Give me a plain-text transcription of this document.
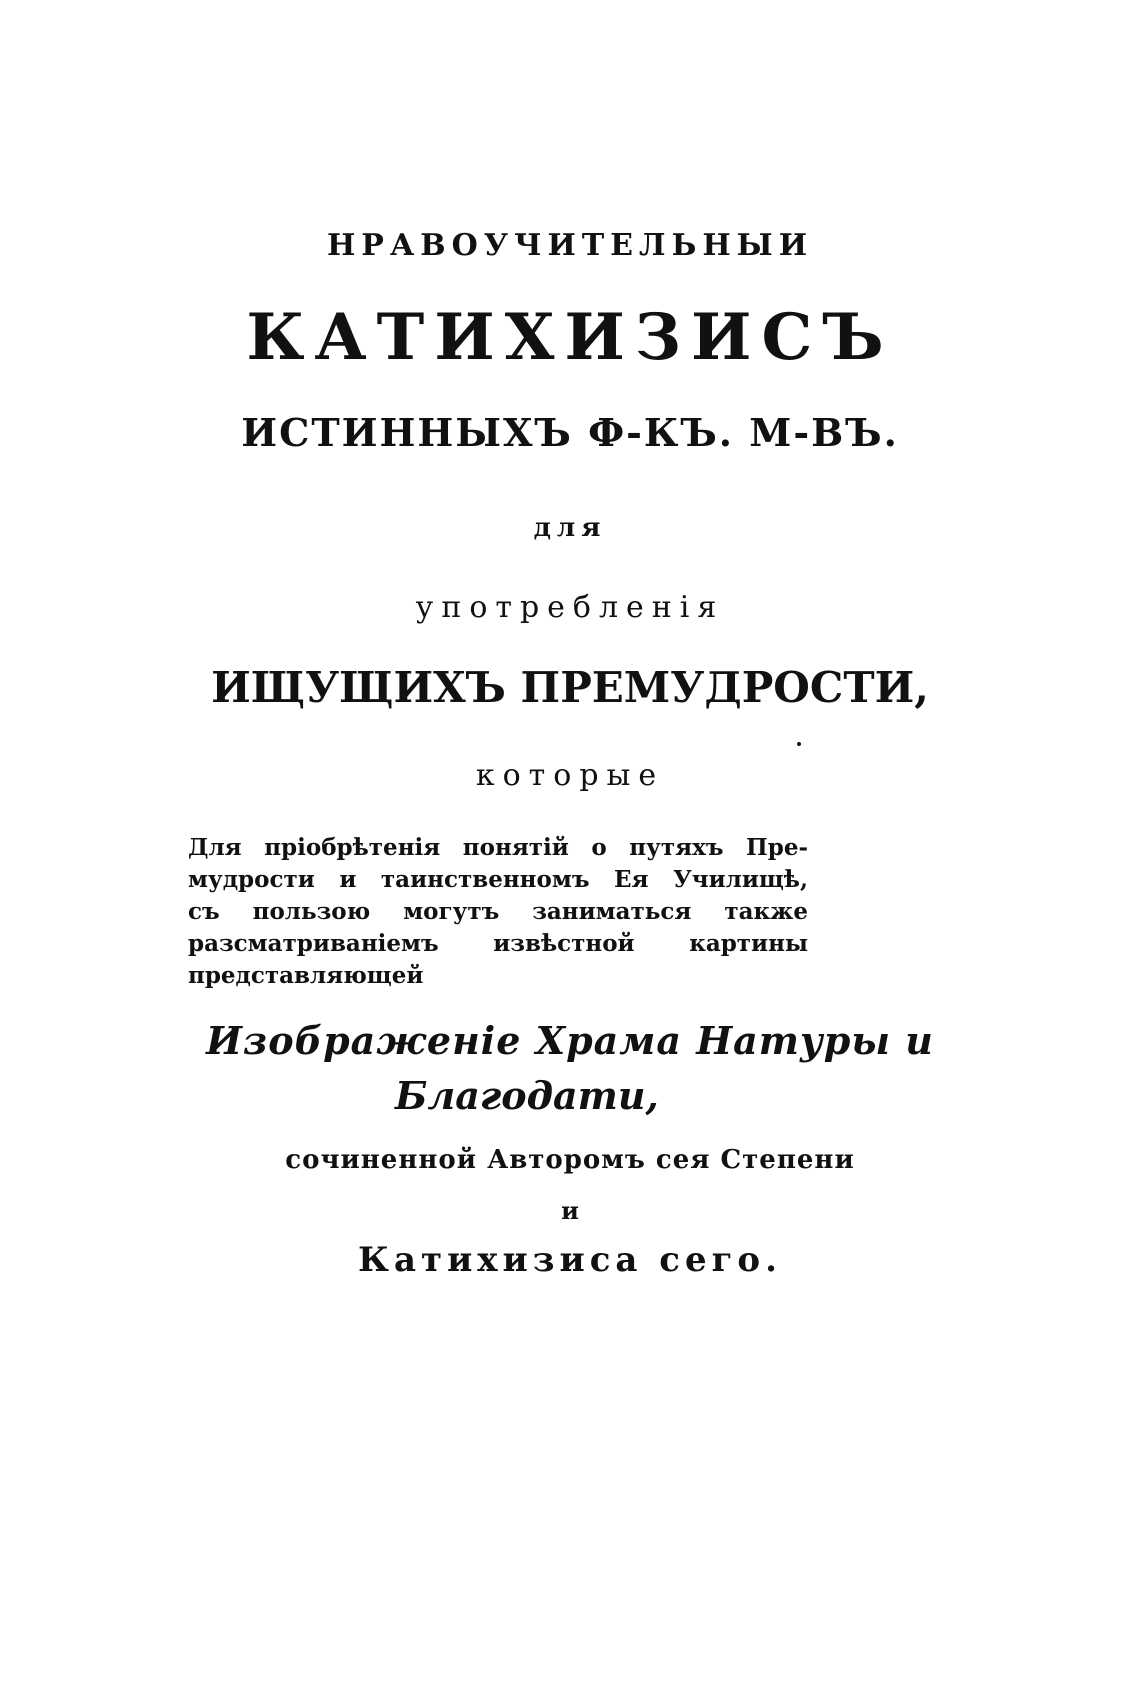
НРАВОУЧИТЕЛЬНЫИ
КАТИХИЗИСЪ
ИСТИННЫХЪ Ф-КЪ. М-ВЪ.
для
употребленія
ИЩУЩИХЪ ПРЕМУДРОСТИ,
которые
Для пріобрѣтенія понятій о путяхъ Пре-
мудрости и таинственномъ Ея Училищѣ,
съ пользою могутъ заниматься также
разсматриваніемъ извѣстной картины
представляющей
Изображеніе Храма Натуры и
Благодати,
сочиненной Авторомъ сея Степени
и
Катихизиса сего.
